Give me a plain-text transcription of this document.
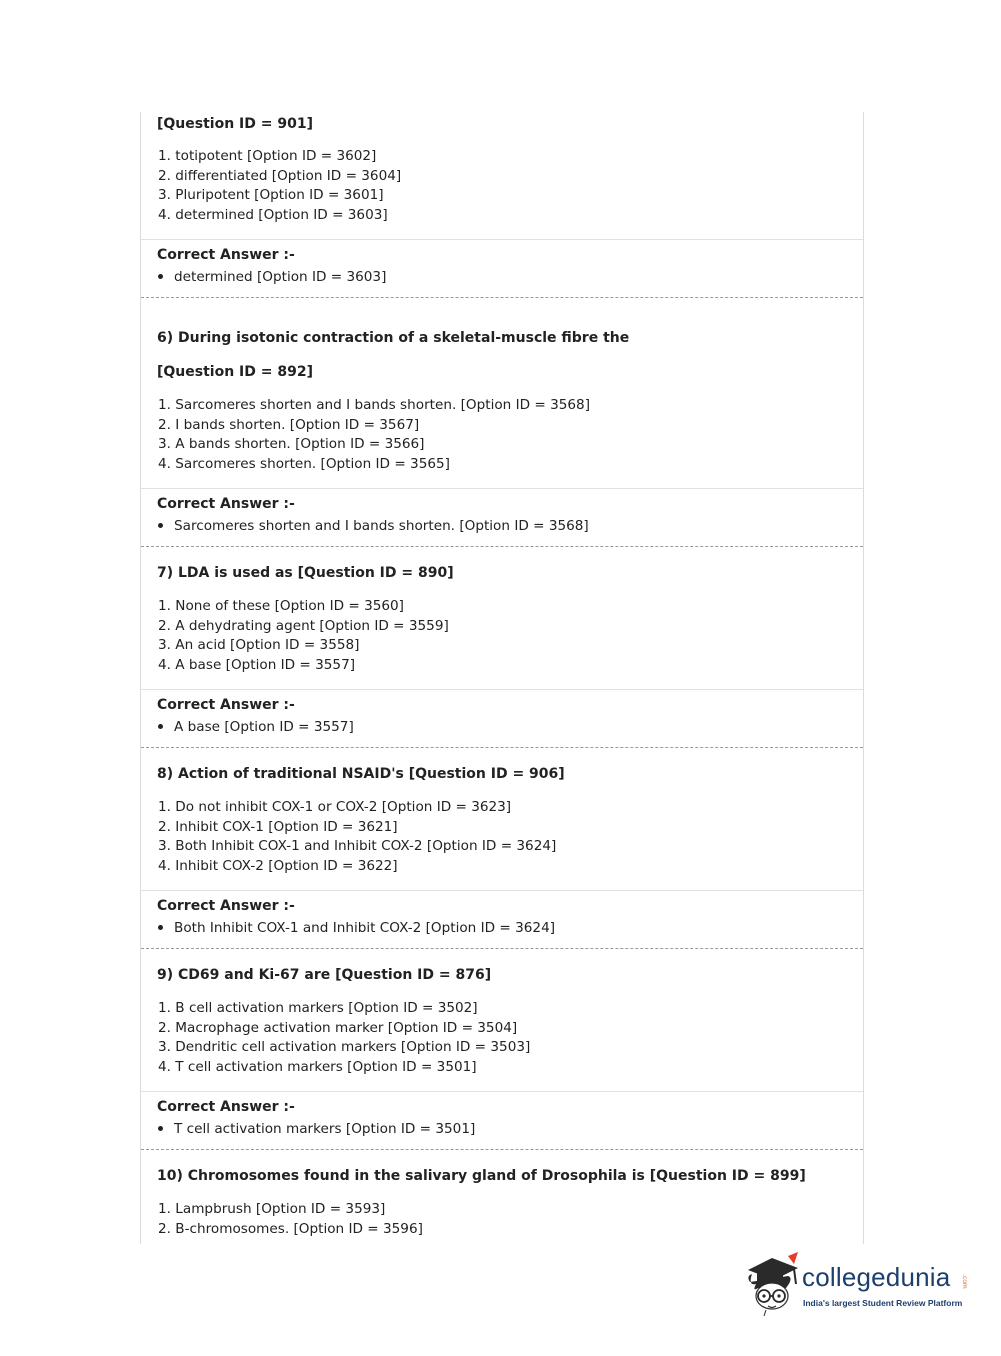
[Question ID = 901]
1. totipotent [Option ID = 3602]
2. differentiated [Option ID = 3604]
3. Pluripotent [Option ID = 3601]
4. determined [Option ID = 3603]
Correct Answer :-
determined [Option ID = 3603]
6) During isotonic contraction of a skeletal-muscle fibre the
[Question ID = 892]
1. Sarcomeres shorten and I bands shorten. [Option ID = 3568]
2. I bands shorten. [Option ID = 3567]
3. A bands shorten. [Option ID = 3566]
4. Sarcomeres shorten. [Option ID = 3565]
Correct Answer :-
Sarcomeres shorten and I bands shorten. [Option ID = 3568]
7) LDA is used as [Question ID = 890]
1. None of these [Option ID = 3560]
2. A dehydrating agent [Option ID = 3559]
3. An acid [Option ID = 3558]
4. A base [Option ID = 3557]
Correct Answer :-
A base [Option ID = 3557]
8) Action of traditional NSAID's [Question ID = 906]
1. Do not inhibit COX-1 or COX-2 [Option ID = 3623]
2. Inhibit COX-1 [Option ID = 3621]
3. Both Inhibit COX-1 and Inhibit COX-2 [Option ID = 3624]
4. Inhibit COX-2 [Option ID = 3622]
Correct Answer :-
Both Inhibit COX-1 and Inhibit COX-2 [Option ID = 3624]
9) CD69 and Ki-67 are [Question ID = 876]
1. B cell activation markers [Option ID = 3502]
2. Macrophage activation marker [Option ID = 3504]
3. Dendritic cell activation markers [Option ID = 3503]
4. T cell activation markers [Option ID = 3501]
Correct Answer :-
T cell activation markers [Option ID = 3501]
10) Chromosomes found in the salivary gland of Drosophila is [Question ID = 899]
1. Lampbrush [Option ID = 3593]
2. B-chromosomes. [Option ID = 3596]
collegedunia .com
India's largest Student Review Platform
